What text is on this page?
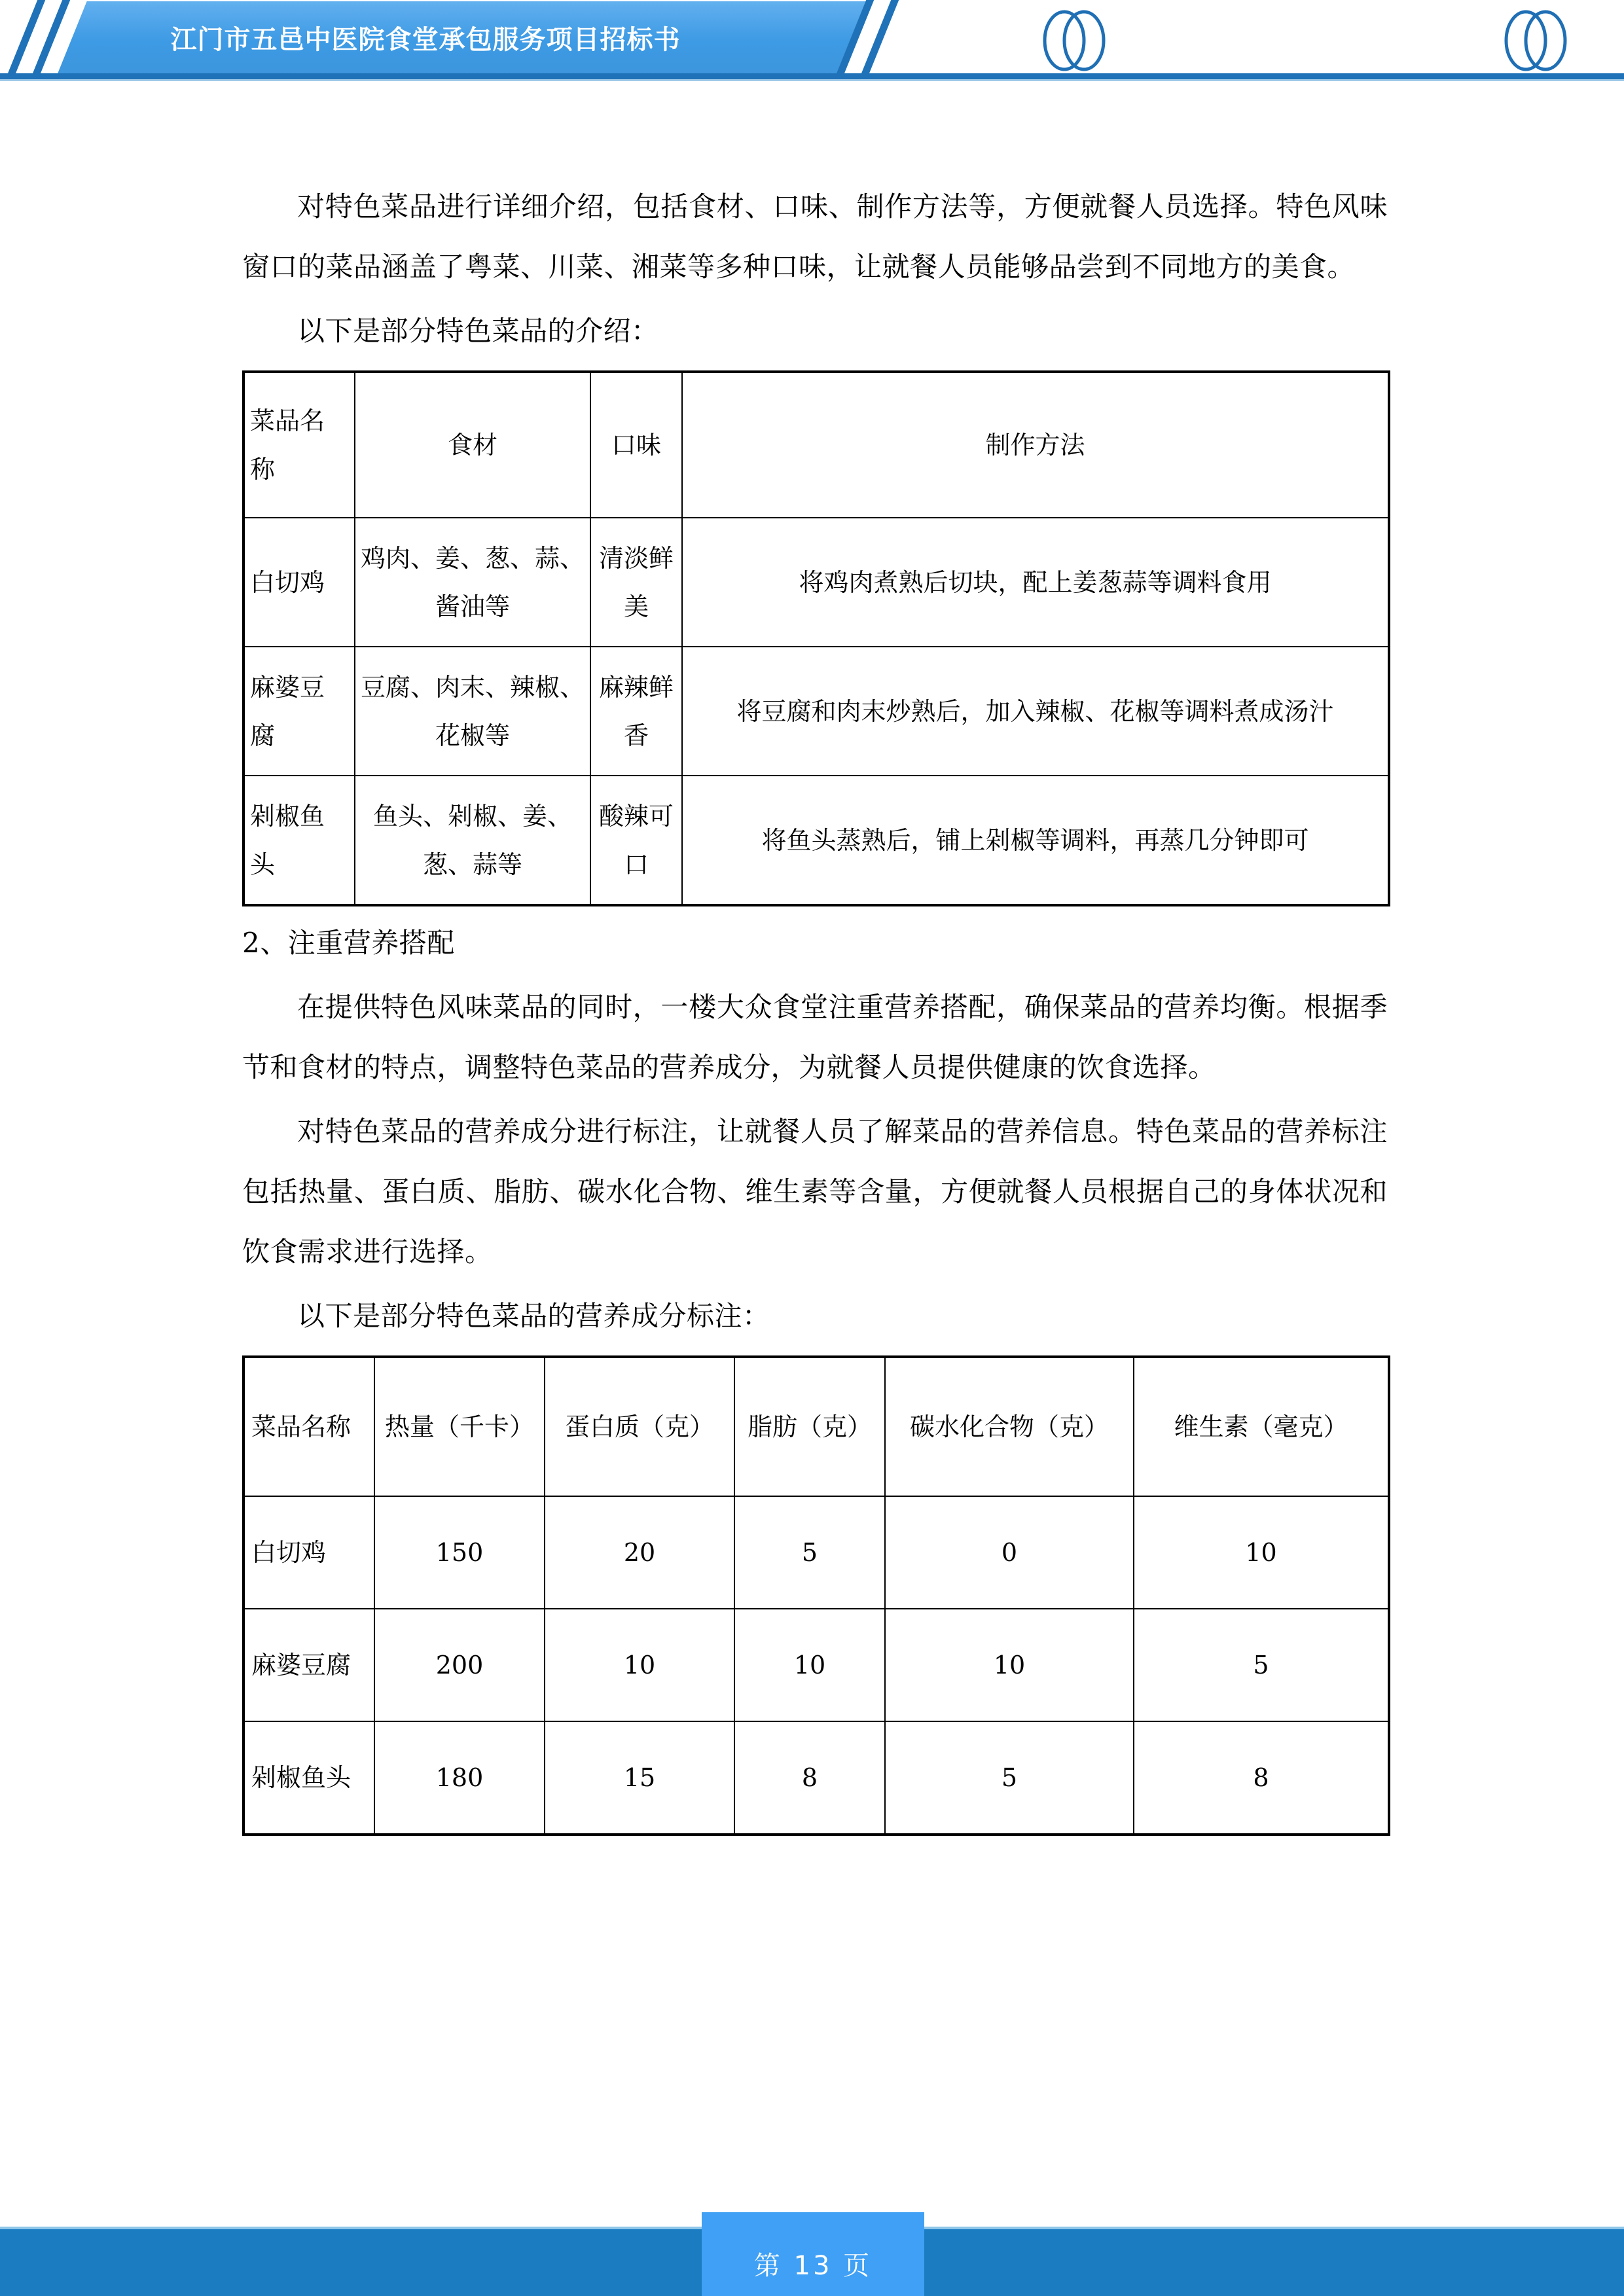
江门市五邑中医院食堂承包服务项目招标书

对特色菜品进行详细介绍，包括食材、口味、制作方法等，方便就餐人员选择。特色风味窗口的菜品涵盖了粤菜、川菜、湘菜等多种口味，让就餐人员能够品尝到不同地方的美食。

以下是部分特色菜品的介绍：

菜品名称	食材	口味	制作方法
白切鸡	鸡肉、姜、葱、蒜、酱油等	清淡鲜美	将鸡肉煮熟后切块，配上姜葱蒜等调料食用
麻婆豆腐	豆腐、肉末、辣椒、花椒等	麻辣鲜香	将豆腐和肉末炒熟后，加入辣椒、花椒等调料煮成汤汁
剁椒鱼头	鱼头、剁椒、姜、葱、蒜等	酸辣可口	将鱼头蒸熟后，铺上剁椒等调料，再蒸几分钟即可

2、注重营养搭配

在提供特色风味菜品的同时，一楼大众食堂注重营养搭配，确保菜品的营养均衡。根据季节和食材的特点，调整特色菜品的营养成分，为就餐人员提供健康的饮食选择。

对特色菜品的营养成分进行标注，让就餐人员了解菜品的营养信息。特色菜品的营养标注包括热量、蛋白质、脂肪、碳水化合物、维生素等含量，方便就餐人员根据自己的身体状况和饮食需求进行选择。

以下是部分特色菜品的营养成分标注：

菜品名称	热量（千卡）	蛋白质（克）	脂肪（克）	碳水化合物（克）	维生素（毫克）
白切鸡	150	20	5	0	10
麻婆豆腐	200	10	10	10	5
剁椒鱼头	180	15	8	5	8
第 13 页
